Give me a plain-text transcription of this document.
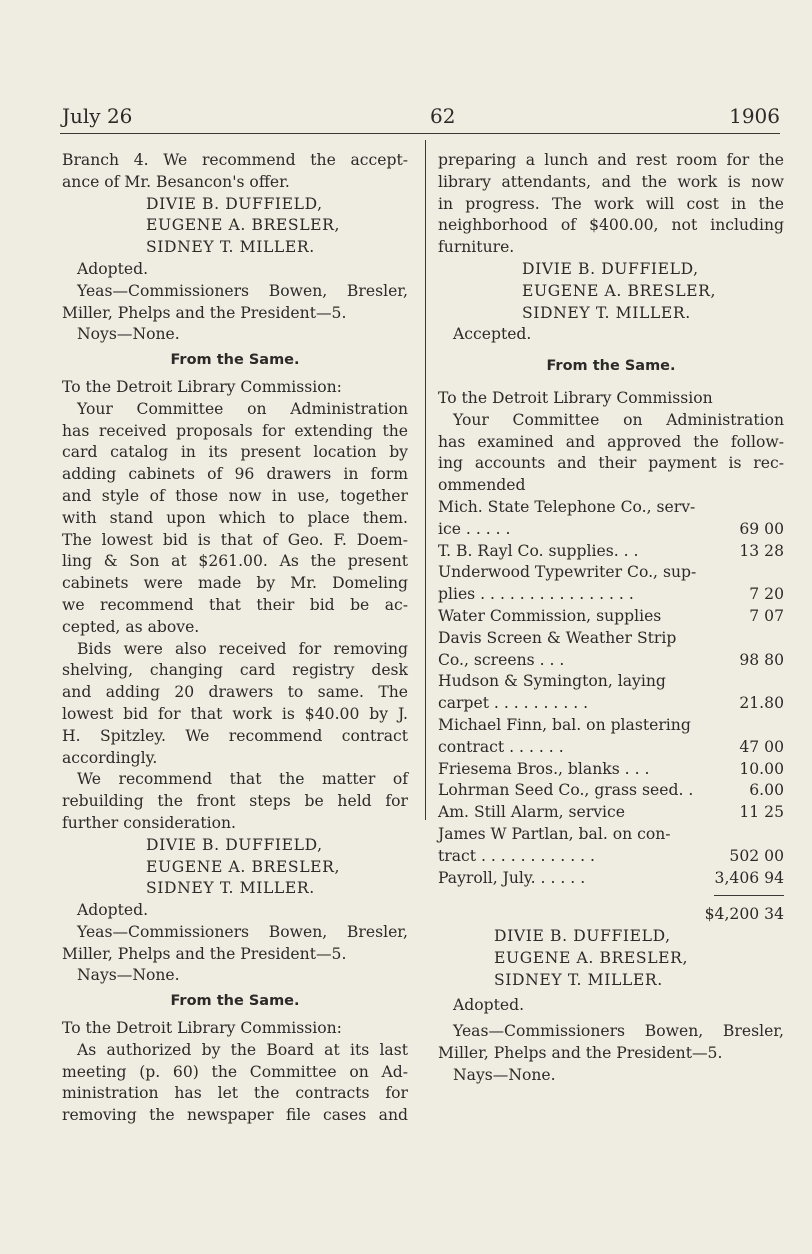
July 26	62	1906

Branch 4. We recommend the accept-

ance of Mr. Besancon's offer.

DIVIE B. DUFFIELD,
EUGENE A. BRESLER,
SIDNEY T. MILLER.

Adopted.

Yeas—Commissioners Bowen, Bresler,

Miller, Phelps and the President—5.

Noys—None.

From the Same.

To the Detroit Library Commission:

Your Committee on Administration

has received proposals for extending the

card catalog in its present location by

adding cabinets of 96 drawers in form

and style of those now in use, together

with stand upon which to place them.

The lowest bid is that of Geo. F. Doem-

ling & Son at $261.00. As the present

cabinets were made by Mr. Domeling

we recommend that their bid be ac-

cepted, as above.

Bids were also received for removing

shelving, changing card registry desk

and adding 20 drawers to same. The

lowest bid for that work is $40.00 by J.

H. Spitzley. We recommend contract

accordingly.

We recommend that the matter of

rebuilding the front steps be held for

further consideration.

DIVIE B. DUFFIELD,
EUGENE A. BRESLER,
SIDNEY T. MILLER.

Adopted.

Yeas—Commissioners Bowen, Bresler,

Miller, Phelps and the President—5.

Nays—None.

From the Same.

To the Detroit Library Commission:

As authorized by the Board at its last

meeting (p. 60) the Committee on Ad-

ministration has let the contracts for

removing the newspaper file cases and

preparing a lunch and rest room for the

library attendants, and the work is now

in progress. The work will cost in the

neighborhood of $400.00, not including

furniture.

DIVIE B. DUFFIELD,
EUGENE A. BRESLER,
SIDNEY T. MILLER.

Accepted.

From the Same.

To the Detroit Library Commission

Your Committee on Administration

has examined and approved the follow-

ing accounts and their payment is rec-

ommended

Mich. State Telephone Co., serv-	
ice . . . . .	69 00
T. B. Rayl Co. supplies. . .	13 28
Underwood Typewriter Co., sup-	
plies . . . . . . . . . . . . . . . .	7 20
Water Commission, supplies	7 07
Davis Screen & Weather Strip	
Co., screens . . .	98 80
Hudson & Symington, laying	
carpet . . . . . . . . . .	21.80
Michael Finn, bal. on plastering	
contract . . . . . .	47 00
Friesema Bros., blanks . . .	10.00
Lohrman Seed Co., grass seed. .	6.00
Am. Still Alarm, service	11 25
James W Partlan, bal. on con-	
tract . . . . . . . . . . . .	502 00
Payroll, July. . . . . .	3,406 94
$4,200 34
DIVIE B. DUFFIELD,
EUGENE A. BRESLER,
SIDNEY T. MILLER.

Adopted.

Yeas—Commissioners Bowen, Bresler,

Miller, Phelps and the President—5.

Nays—None.
